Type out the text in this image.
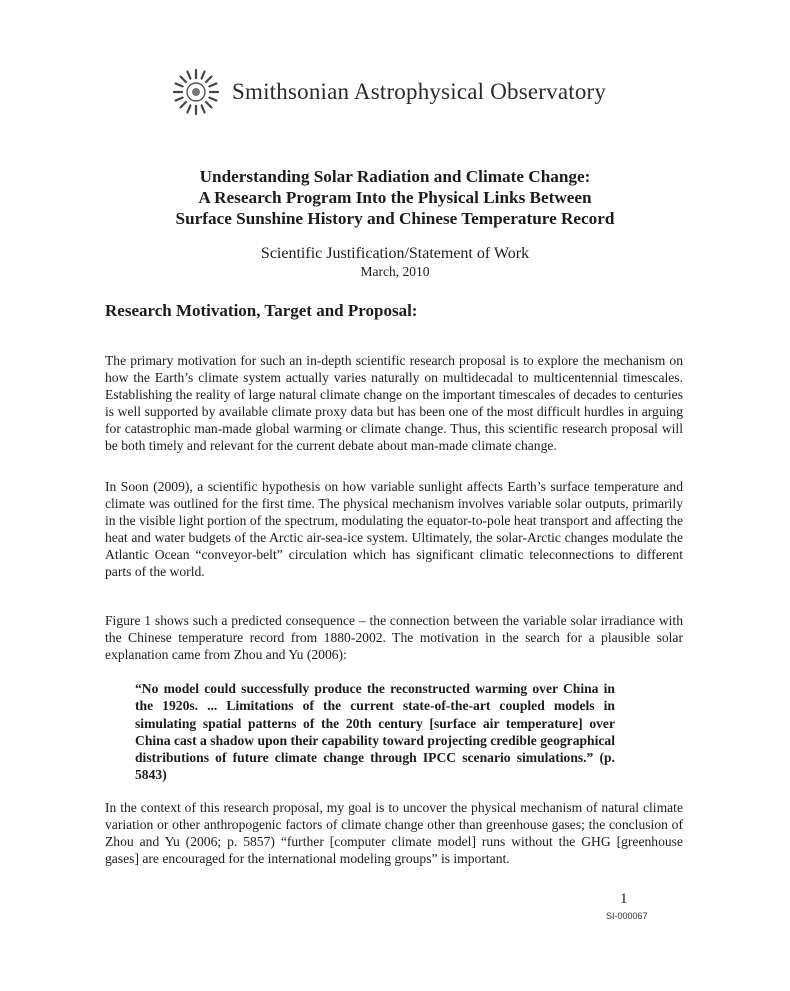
Smithsonian Astrophysical Observatory
Understanding Solar Radiation and Climate Change:
A Research Program Into the Physical Links Between
Surface Sunshine History and Chinese Temperature Record
Scientific Justification/Statement of Work
March, 2010
Research Motivation, Target and Proposal:

The primary motivation for such an in-depth scientific research proposal is to explore the mechanism on how the Earth’s climate system actually varies naturally on multidecadal to multicentennial timescales. Establishing the reality of large natural climate change on the important timescales of decades to centuries is well supported by available climate proxy data but has been one of the most difficult hurdles in arguing for catastrophic man-made global warming or climate change. Thus, this scientific research proposal will be both timely and relevant for the current debate about man-made climate change.

In Soon (2009), a scientific hypothesis on how variable sunlight affects Earth’s surface temperature and climate was outlined for the first time. The physical mechanism involves variable solar outputs, primarily in the visible light portion of the spectrum, modulating the equator-to-pole heat transport and affecting the heat and water budgets of the Arctic air-sea-ice system. Ultimately, the solar-Arctic changes modulate the Atlantic Ocean “conveyor-belt” circulation which has significant climatic teleconnections to different parts of the world.

Figure 1 shows such a predicted consequence – the connection between the variable solar irradiance with the Chinese temperature record from 1880-2002. The motivation in the search for a plausible solar explanation came from Zhou and Yu (2006):

“No model could successfully produce the reconstructed warming over China in the 1920s. ... Limitations of the current state-of-the-art coupled models in simulating spatial patterns of the 20th century [surface air temperature] over China cast a shadow upon their capability toward projecting credible geographical distributions of future climate change through IPCC scenario simulations.” (p. 5843)

In the context of this research proposal, my goal is to uncover the physical mechanism of natural climate variation or other anthropogenic factors of climate change other than greenhouse gases; the conclusion of Zhou and Yu (2006; p. 5857) “further [computer climate model] runs without the GHG [greenhouse gases] are encouraged for the international modeling groups” is important.

1
SI-000067
